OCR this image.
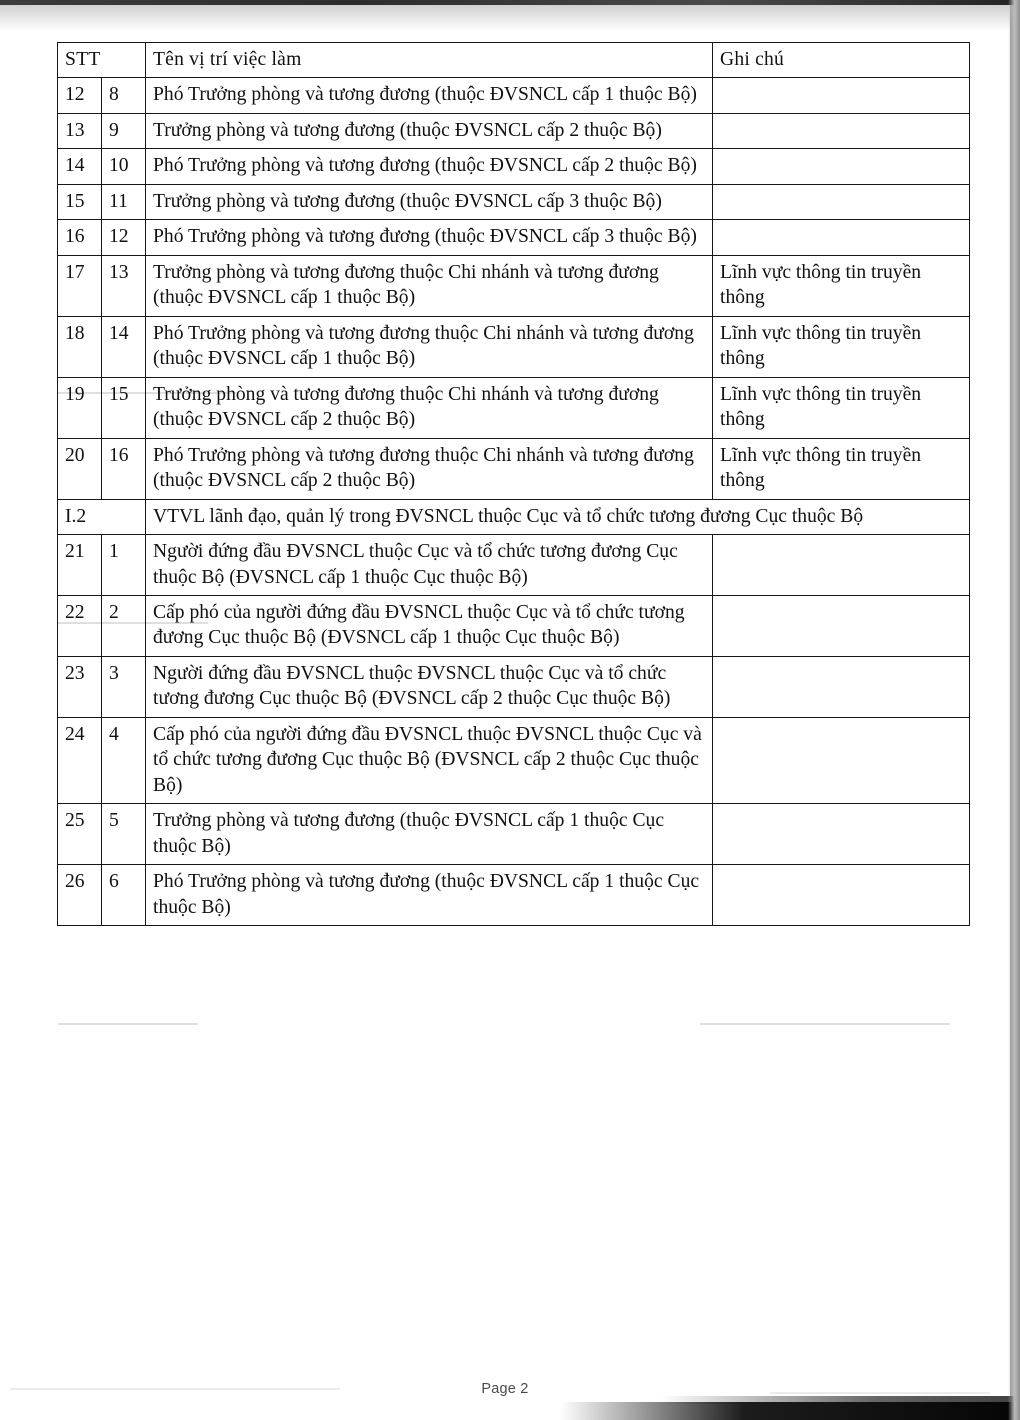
STT		Tên vị trí việc làm	Ghi chú
12	8	Phó Trưởng phòng và tương đương (thuộc ĐVSNCL cấp 1 thuộc Bộ)	
13	9	Trưởng phòng và tương đương (thuộc ĐVSNCL cấp 2 thuộc Bộ)	
14	10	Phó Trưởng phòng và tương đương (thuộc ĐVSNCL cấp 2 thuộc Bộ)	
15	11	Trưởng phòng và tương đương (thuộc ĐVSNCL cấp 3 thuộc Bộ)	
16	12	Phó Trưởng phòng và tương đương (thuộc ĐVSNCL cấp 3 thuộc Bộ)	
17	13	Trưởng phòng và tương đương thuộc Chi nhánh và tương đương (thuộc ĐVSNCL cấp 1 thuộc Bộ)	Lĩnh vực thông tin truyền thông
18	14	Phó Trưởng phòng và tương đương thuộc Chi nhánh và tương đương (thuộc ĐVSNCL cấp 1 thuộc Bộ)	Lĩnh vực thông tin truyền thông
19	15	Trưởng phòng và tương đương thuộc Chi nhánh và tương đương (thuộc ĐVSNCL cấp 2 thuộc Bộ)	Lĩnh vực thông tin truyền thông
20	16	Phó Trưởng phòng và tương đương thuộc Chi nhánh và tương đương (thuộc ĐVSNCL cấp 2 thuộc Bộ)	Lĩnh vực thông tin truyền thông
I.2		VTVL lãnh đạo, quản lý trong ĐVSNCL thuộc Cục và tổ chức tương đương Cục thuộc Bộ	
21	1	Người đứng đầu ĐVSNCL thuộc Cục và tổ chức tương đương Cục thuộc Bộ (ĐVSNCL cấp 1 thuộc Cục thuộc Bộ)	
22	2	Cấp phó của người đứng đầu ĐVSNCL thuộc Cục và tổ chức tương đương Cục thuộc Bộ (ĐVSNCL cấp 1 thuộc Cục thuộc Bộ)	
23	3	Người đứng đầu ĐVSNCL thuộc ĐVSNCL thuộc Cục và tổ chức tương đương Cục thuộc Bộ (ĐVSNCL cấp 2 thuộc Cục thuộc Bộ)	
24	4	Cấp phó của người đứng đầu ĐVSNCL thuộc ĐVSNCL thuộc Cục và tổ chức tương đương Cục thuộc Bộ (ĐVSNCL cấp 2 thuộc Cục thuộc Bộ)	
25	5	Trưởng phòng và tương đương (thuộc ĐVSNCL cấp 1 thuộc Cục thuộc Bộ)	
26	6	Phó Trưởng phòng và tương đương (thuộc ĐVSNCL cấp 1 thuộc Cục thuộc Bộ)	
Page 2
